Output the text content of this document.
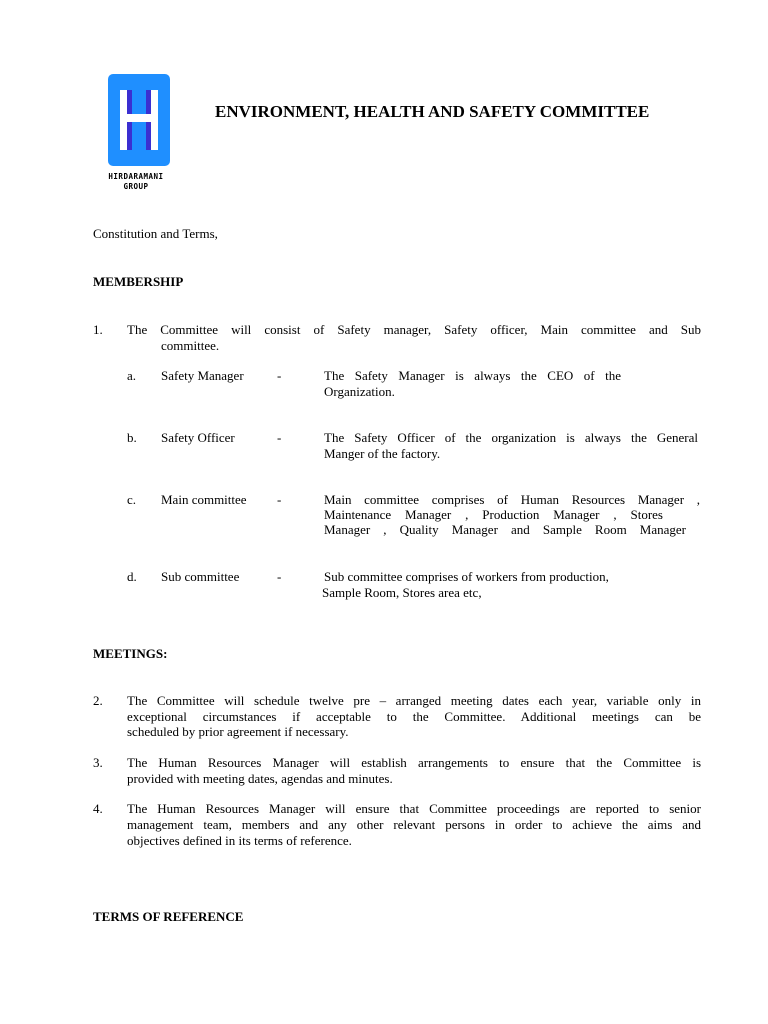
HIRDARAMANI
GROUP
ENVIRONMENT, HEALTH AND SAFETY COMMITTEE
Constitution and Terms,
MEMBERSHIP
1. The Committee will consist of Safety manager, Safety officer, Main committee and Sub
committee.
a. Safety Manager	-	The Safety Manager is always the CEO of the
Organization.
b. Safety Officer	-	The Safety Officer of the organization is always the General
Manger of the factory.
c. Main committee -	Main committee comprises of Human Resources Manager ,
Maintenance Manager , Production Manager , Stores
Manager , Quality Manager and Sample Room Manager
d. Sub committee	-	Sub committee comprises of workers from production,
Sample Room, Stores area etc,
MEETINGS:
2. The Committee will schedule twelve pre – arranged meeting dates each year, variable only in
exceptional circumstances if acceptable to the Committee. Additional meetings can be
scheduled by prior agreement if necessary.
3. The Human Resources Manager will establish arrangements to ensure that the Committee is
provided with meeting dates, agendas and minutes.
4. The Human Resources Manager will ensure that Committee proceedings are reported to senior
management team, members and any other relevant persons in order to achieve the aims and
objectives defined in its terms of reference.
TERMS OF REFERENCE
